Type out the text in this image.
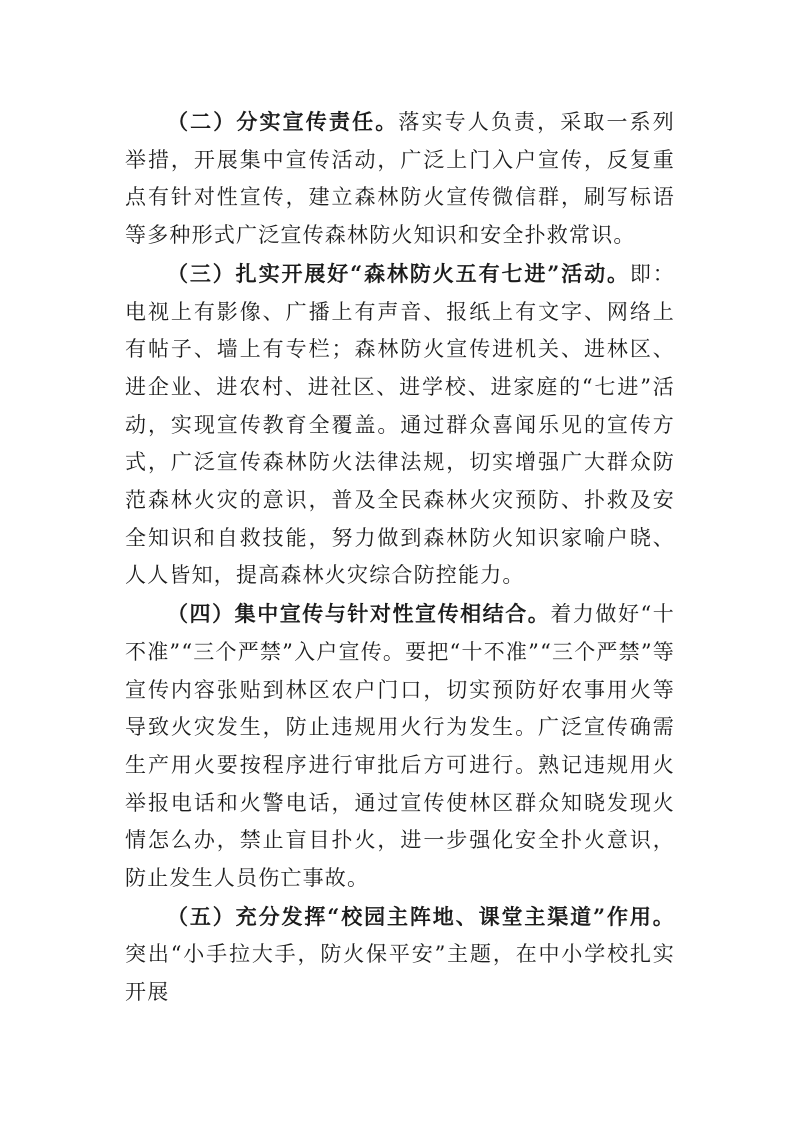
（二）分实宣传责任。落实专人负责，采取一系列举措，开展集中宣传活动，广泛上门入户宣传，反复重点有针对性宣传，建立森林防火宣传微信群，刷写标语等多种形式广泛宣传森林防火知识和安全扑救常识。

（三）扎实开展好“森林防火五有七进”活动。即：电视上有影像、广播上有声音、报纸上有文字、网络上有帖子、墙上有专栏；森林防火宣传进机关、进林区、进企业、进农村、进社区、进学校、进家庭的“七进”活动，实现宣传教育全覆盖。通过群众喜闻乐见的宣传方式，广泛宣传森林防火法律法规，切实增强广大群众防范森林火灾的意识，普及全民森林火灾预防、扑救及安全知识和自救技能，努力做到森林防火知识家喻户晓、人人皆知，提高森林火灾综合防控能力。

（四）集中宣传与针对性宣传相结合。着力做好“十不准”“三个严禁”入户宣传。要把“十不准”“三个严禁”等宣传内容张贴到林区农户门口，切实预防好农事用火等导致火灾发生，防止违规用火行为发生。广泛宣传确需生产用火要按程序进行审批后方可进行。熟记违规用火举报电话和火警电话，通过宣传使林区群众知晓发现火情怎么办，禁止盲目扑火，进一步强化安全扑火意识，防止发生人员伤亡事故。

（五）充分发挥“校园主阵地、课堂主渠道”作用。突出“小手拉大手，防火保平安”主题，在中小学校扎实开展
